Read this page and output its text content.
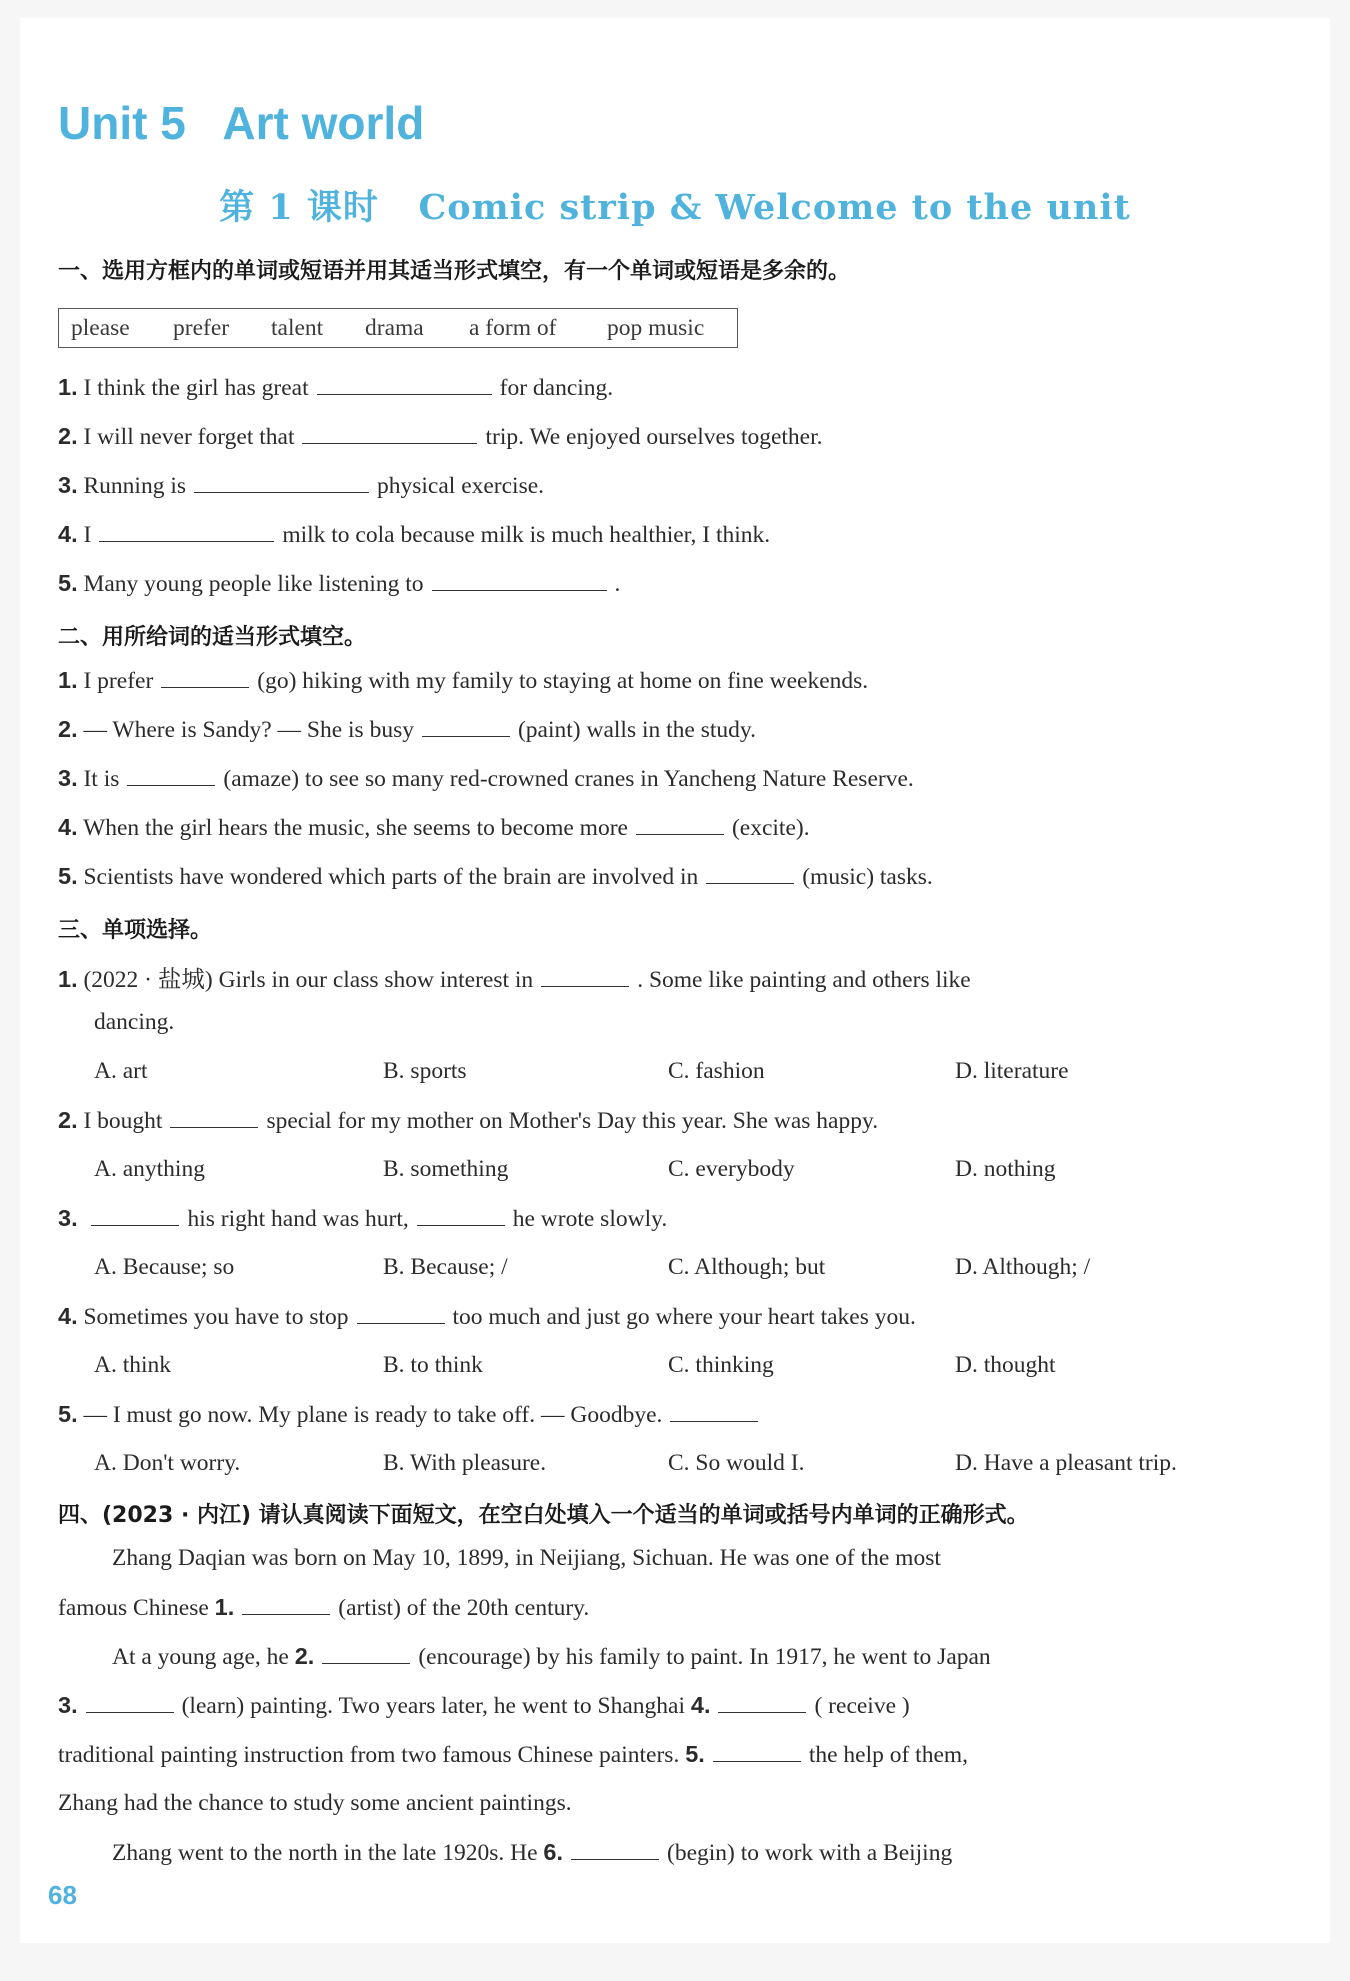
Unit 5   Art world
第 1 课时   Comic strip & Welcome to the unit
一、选用方框内的单词或短语并用其适当形式填空，有一个单词或短语是多余的。
please prefer talent drama a form of pop music
1. I think the girl has great	for dancing.
2. I will never forget that	trip. We enjoyed ourselves together.
3. Running is	physical exercise.
4. I	milk to cola because milk is much healthier, I think.
5. Many young people like listening to	.
二、用所给词的适当形式填空。
1. I prefer	(go) hiking with my family to staying at home on fine weekends.
2. — Where is Sandy? — She is busy	(paint) walls in the study.
3. It is	(amaze) to see so many red-crowned cranes in Yancheng Nature Reserve.
4. When the girl hears the music, she seems to become more	(excite).
5. Scientists have wondered which parts of the brain are involved in	(music) tasks.
三、单项选择。
1. (2022 · 盐城) Girls in our class show interest in	. Some like painting and others like
dancing.
A. art	B. sports	C. fashion	D. literature
2. I bought	special for my mother on Mother's Day this year. She was happy.
A. anything	B. something	C. everybody	D. nothing
3.	his right hand was hurt,	he wrote slowly.
A. Because; so	B. Because; /	C. Although; but	D. Although; /
4. Sometimes you have to stop	too much and just go where your heart takes you.
A. think	B. to think	C. thinking	D. thought
5. — I must go now. My plane is ready to take off. — Goodbye.
A. Don't worry.	B. With pleasure.	C. So would I.	D. Have a pleasant trip.
四、(2023 · 内江) 请认真阅读下面短文，在空白处填入一个适当的单词或括号内单词的正确形式。
Zhang Daqian was born on May 10, 1899, in Neijiang, Sichuan. He was one of the most
famous Chinese 1.	(artist) of the 20th century.
At a young age, he 2.	(encourage) by his family to paint. In 1917, he went to Japan
3.	(learn) painting. Two years later, he went to Shanghai 4.	( receive )
traditional painting instruction from two famous Chinese painters. 5.	the help of them,
Zhang had the chance to study some ancient paintings.
Zhang went to the north in the late 1920s. He 6.	(begin) to work with a Beijing
68
